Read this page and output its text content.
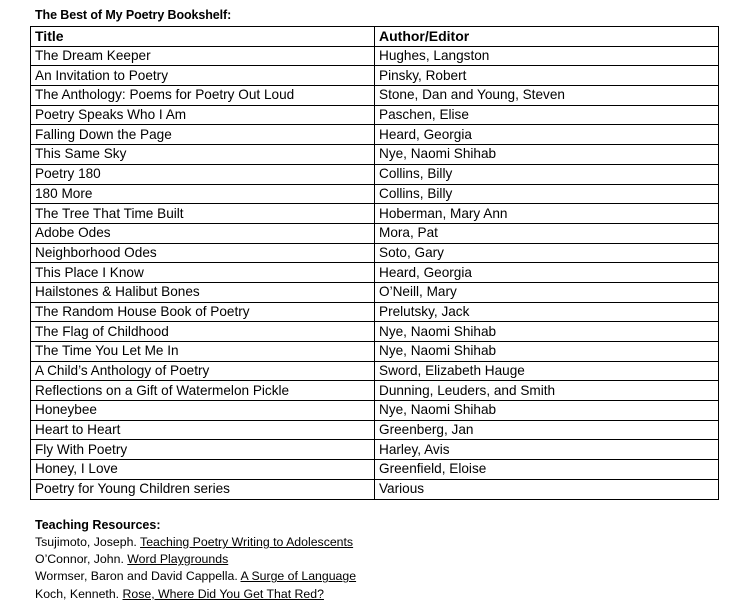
The Best of My Poetry Bookshelf:
Title	Author/Editor
The Dream Keeper	Hughes, Langston
An Invitation to Poetry	Pinsky, Robert
The Anthology: Poems for Poetry Out Loud	Stone, Dan and Young, Steven
Poetry Speaks Who I Am	Paschen, Elise
Falling Down the Page	Heard, Georgia
This Same Sky	Nye, Naomi Shihab
Poetry 180	Collins, Billy
180 More	Collins, Billy
The Tree That Time Built	Hoberman, Mary Ann
Adobe Odes	Mora, Pat
Neighborhood Odes	Soto, Gary
This Place I Know	Heard, Georgia
Hailstones & Halibut Bones	O’Neill, Mary
The Random House Book of Poetry	Prelutsky, Jack
The Flag of Childhood	Nye, Naomi Shihab
The Time You Let Me In	Nye, Naomi Shihab
A Child’s Anthology of Poetry	Sword, Elizabeth Hauge
Reflections on a Gift of Watermelon Pickle	Dunning, Leuders, and Smith
Honeybee	Nye, Naomi Shihab
Heart to Heart	Greenberg, Jan
Fly With Poetry	Harley, Avis
Honey, I Love	Greenfield, Eloise
Poetry for Young Children series	Various
Teaching Resources:
Tsujimoto, Joseph. Teaching Poetry Writing to Adolescents
O’Connor, John. Word Playgrounds
Wormser, Baron and David Cappella. A Surge of Language
Koch, Kenneth. Rose, Where Did You Get That Red?
